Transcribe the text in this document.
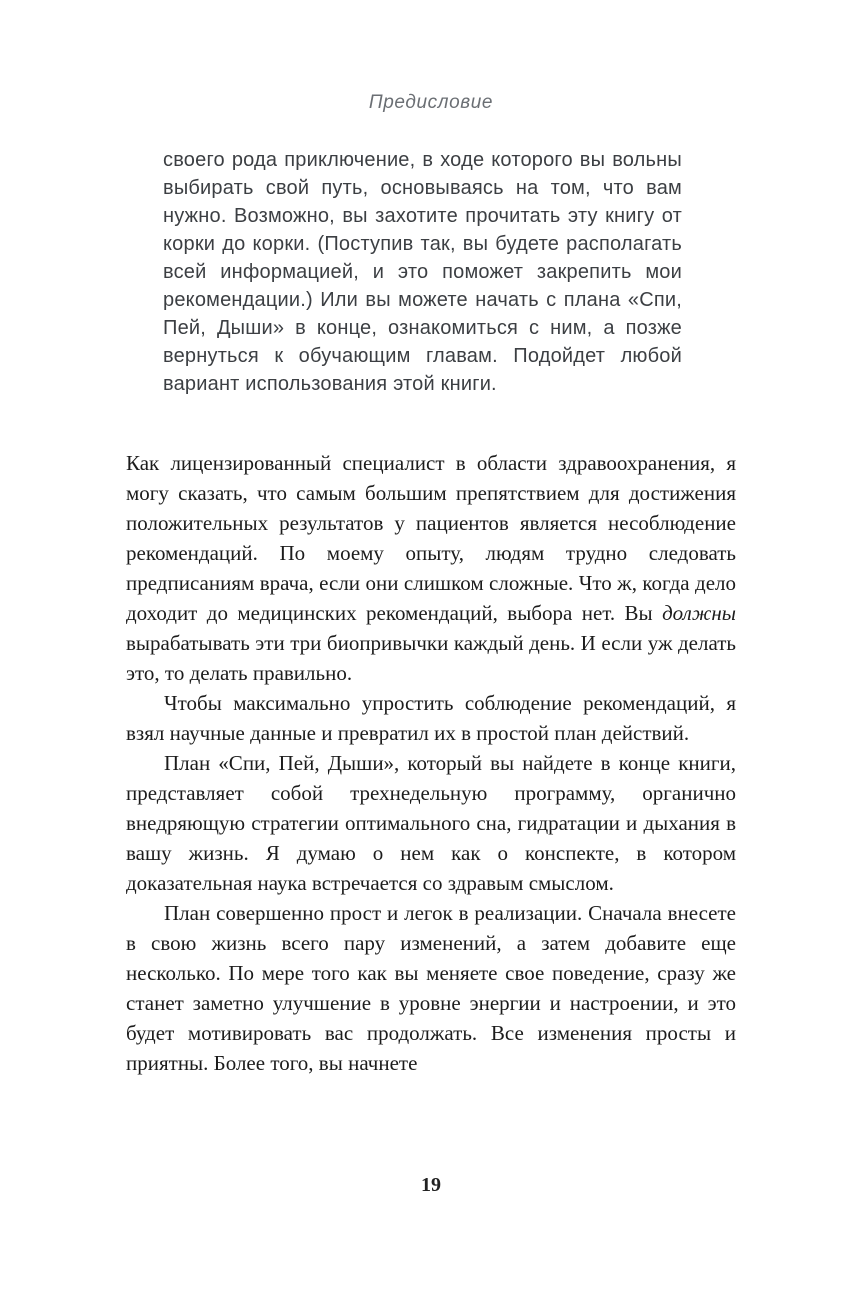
Предисловие

своего рода приключение, в ходе которого вы вольны выбирать свой путь, основываясь на том, что вам нужно. Возможно, вы захотите прочитать эту книгу от корки до корки. (Поступив так, вы будете располагать всей информацией, и это поможет закрепить мои рекомендации.) Или вы можете начать с плана «Спи, Пей, Дыши» в конце, ознакомиться с ним, а позже вернуться к обучающим главам. Подойдет любой вариант использования этой книги.

Как лицензированный специалист в области здравоохранения, я могу сказать, что самым большим препятствием для достижения положительных результатов у пациентов является несоблюдение рекомендаций. По моему опыту, людям трудно следовать предписаниям врача, если они слишком сложные. Что ж, когда дело доходит до медицинских рекомендаций, выбора нет. Вы должны вырабатывать эти три биопривычки каждый день. И если уж делать это, то делать правильно.

Чтобы максимально упростить соблюдение рекомендаций, я взял научные данные и превратил их в простой план действий.

План «Спи, Пей, Дыши», который вы найдете в конце книги, представляет собой трехнедельную программу, органично внедряющую стратегии оптимального сна, гидратации и дыхания в вашу жизнь. Я думаю о нем как о конспекте, в котором доказательная наука встречается со здравым смыслом.

План совершенно прост и легок в реализации. Сначала внесете в свою жизнь всего пару изменений, а затем добавите еще несколько. По мере того как вы меняете свое поведение, сразу же станет заметно улучшение в уровне энергии и настроении, и это будет мотивировать вас продолжать. Все изменения просты и приятны. Более того, вы начнете

19
